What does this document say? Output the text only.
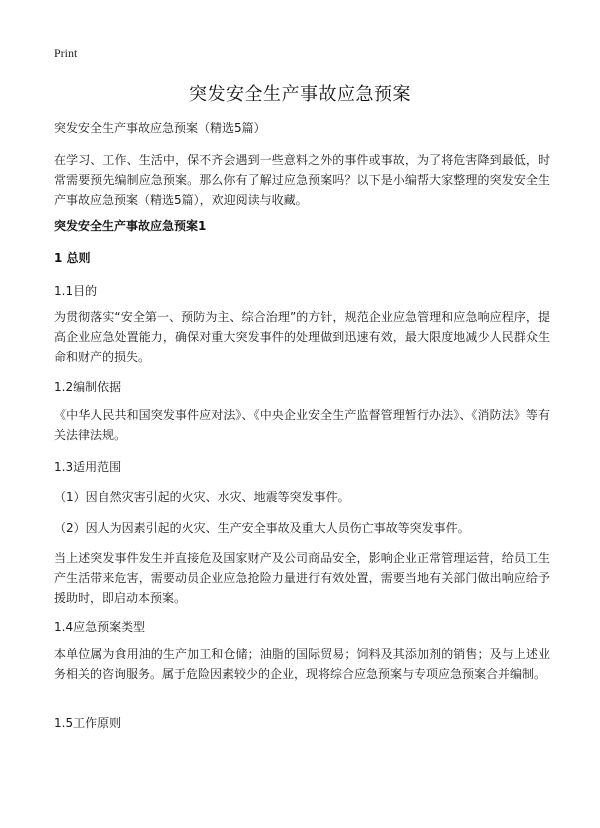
Print
突发安全生产事故应急预案
突发安全生产事故应急预案（精选5篇）
在学习、工作、生活中，保不齐会遇到一些意料之外的事件或事故，为了将危害降到最低，时常需要预先编制应急预案。那么你有了解过应急预案吗？以下是小编帮大家整理的突发安全生产事故应急预案（精选5篇），欢迎阅读与收藏。
突发安全生产事故应急预案1
1 总则
1.1目的
为贯彻落实“安全第一、预防为主、综合治理”的方针，规范企业应急管理和应急响应程序，提高企业应急处置能力，确保对重大突发事件的处理做到迅速有效，最大限度地减少人民群众生命和财产的损失。
1.2编制依据
《中华人民共和国突发事件应对法》、《中央企业安全生产监督管理暂行办法》、《消防法》等有关法律法规。
1.3适用范围
（1）因自然灾害引起的火灾、水灾、地震等突发事件。
（2）因人为因素引起的火灾、生产安全事故及重大人员伤亡事故等突发事件。
当上述突发事件发生并直接危及国家财产及公司商品安全，影响企业正常管理运营，给员工生产生活带来危害，需要动员企业应急抢险力量进行有效处置，需要当地有关部门做出响应给予援助时，即启动本预案。
1.4应急预案类型
本单位属为食用油的生产加工和仓储；油脂的国际贸易；饲料及其添加剂的销售；及与上述业务相关的咨询服务。属于危险因素较少的企业，现将综合应急预案与专项应急预案合并编制。
1.5工作原则
